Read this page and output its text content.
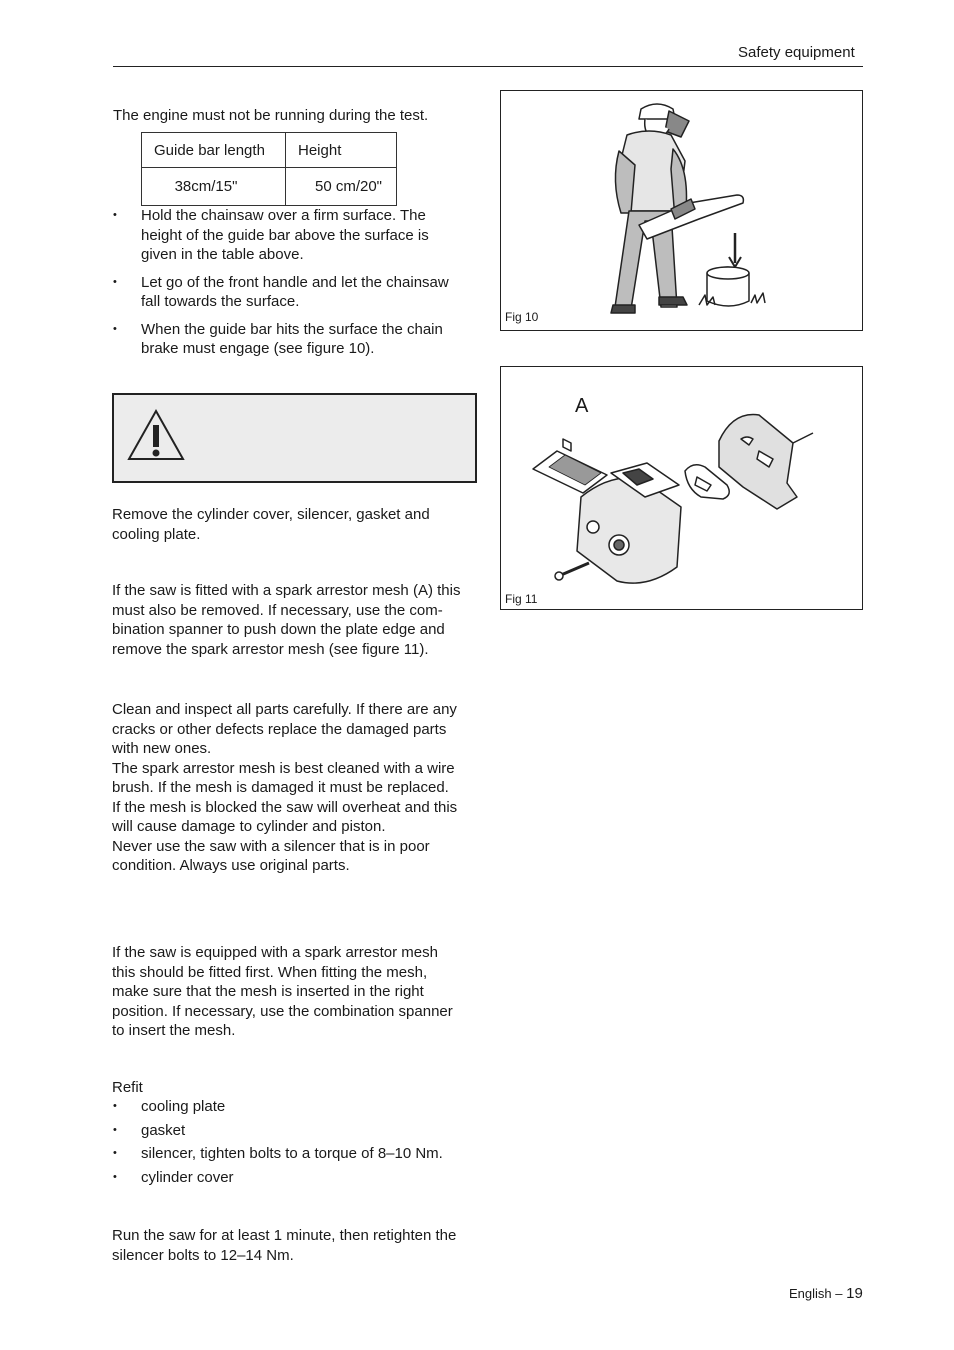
Safety equipment
The engine must not be running during the test.
Guide bar length	Height
38cm/15"	50 cm/20"
• Hold the chainsaw over a firm surface. The
height of the guide bar above the surface is
given in the table above.
• Let go of the front handle and let the chainsaw
fall towards the surface.
• When the guide bar hits the surface the chain
brake must engage (see figure 10).
Remove the cylinder cover, silencer, gasket and
cooling plate.
If the saw is fitted with a spark arrestor mesh (A) this
must also be removed. If necessary, use the com-
bination spanner to push down the plate edge and
remove the spark arrestor mesh (see figure 11).
Clean and inspect all parts carefully. If there are any
cracks or other defects replace the damaged parts
with new ones.
The spark arrestor mesh is best cleaned with a wire
brush. If the mesh is damaged it must be replaced.
If the mesh is blocked the saw will overheat and this
will cause damage to cylinder and piston.
Never use the saw with a silencer that is in poor
condition. Always use original parts.
If the saw is equipped with a spark arrestor mesh
this should be fitted first. When fitting the mesh,
make sure that the mesh is inserted in the right
position. If necessary, use the combination spanner
to insert the mesh.
Refit
• cooling plate
• gasket
• silencer, tighten bolts to a torque of 8–10 Nm.
• cylinder cover
Run the saw for at least 1 minute, then retighten the
silencer bolts to 12–14 Nm.
Fig 10
A
Fig 11
English – 19
